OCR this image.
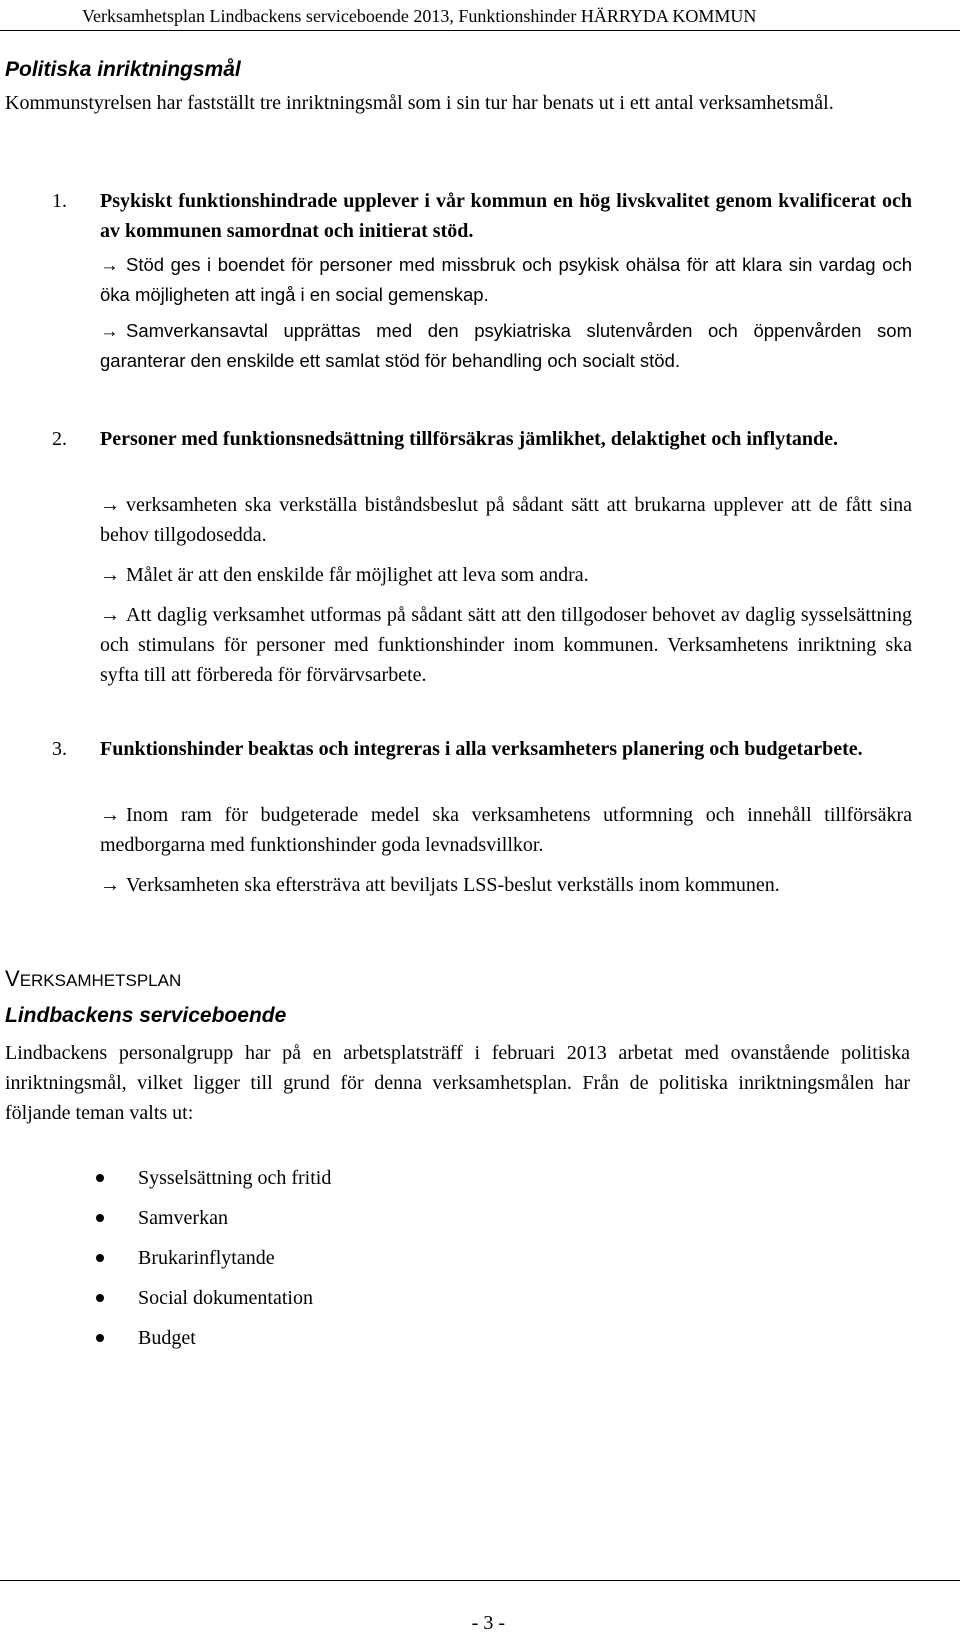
Verksamhetsplan Lindbackens serviceboende 2013, Funktionshinder HÄRRYDA KOMMUN
Politiska inriktningsmål
Kommunstyrelsen har fastställt tre inriktningsmål som i sin tur har benats ut i ett antal verksamhetsmål.
1. Psykiskt funktionshindrade upplever i vår kommun en hög livskvalitet genom kvalificerat och av kommunen samordnat och initierat stöd.
→ Stöd ges i boendet för personer med missbruk och psykisk ohälsa för att klara sin vardag och öka möjligheten att ingå i en social gemenskap.
→ Samverkansavtal upprättas med den psykiatriska slutenvården och öppenvården som garanterar den enskilde ett samlat stöd för behandling och socialt stöd.
2. Personer med funktionsnedsättning tillförsäkras jämlikhet, delaktighet och inflytande.
→ verksamheten ska verkställa biståndsbeslut på sådant sätt att brukarna upplever att de fått sina behov tillgodosedda.
→ Målet är att den enskilde får möjlighet att leva som andra.
→ Att daglig verksamhet utformas på sådant sätt att den tillgodoser behovet av daglig sysselsättning och stimulans för personer med funktionshinder inom kommunen. Verksamhetens inriktning ska syfta till att förbereda för förvärvsarbete.
3. Funktionshinder beaktas och integreras i alla verksamheters planering och budgetarbete.
→ Inom ram för budgeterade medel ska verksamhetens utformning och innehåll tillförsäkra medborgarna med funktionshinder goda levnadsvillkor.
→ Verksamheten ska eftersträva att beviljats LSS-beslut verkställs inom kommunen.
VERKSAMHETSPLAN
Lindbackens serviceboende
Lindbackens personalgrupp har på en arbetsplatsträff i februari 2013 arbetat med ovanstående politiska inriktningsmål, vilket ligger till grund för denna verksamhetsplan. Från de politiska inriktningsmålen har följande teman valts ut:
Sysselsättning och fritid
Samverkan
Brukarinflytande
Social dokumentation
Budget
- 3 -
